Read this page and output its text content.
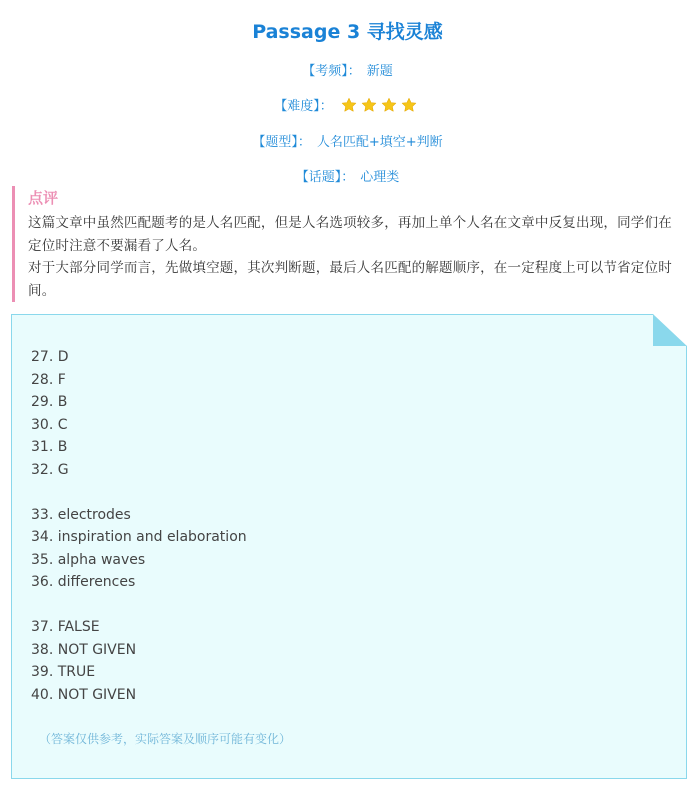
Passage 3 寻找灵感
【考频】： 新题
【难度】：
【题型】： 人名匹配+填空+判断
【话题】： 心理类
点评

这篇文章中虽然匹配题考的是人名匹配，但是人名选项较多，再加上单个人名在文章中反复出现，同学们在定位时注意不要漏看了人名。

对于大部分同学而言，先做填空题，其次判断题，最后人名匹配的解题顺序，在一定程度上可以节省定位时间。

27. D
28. F
29. B
30. C
31. B
32. G
33. electrodes
34. inspiration and elaboration
35. alpha waves
36. differences
37. FALSE
38. NOT GIVEN
39. TRUE
40. NOT GIVEN
（答案仅供参考，实际答案及顺序可能有变化）
